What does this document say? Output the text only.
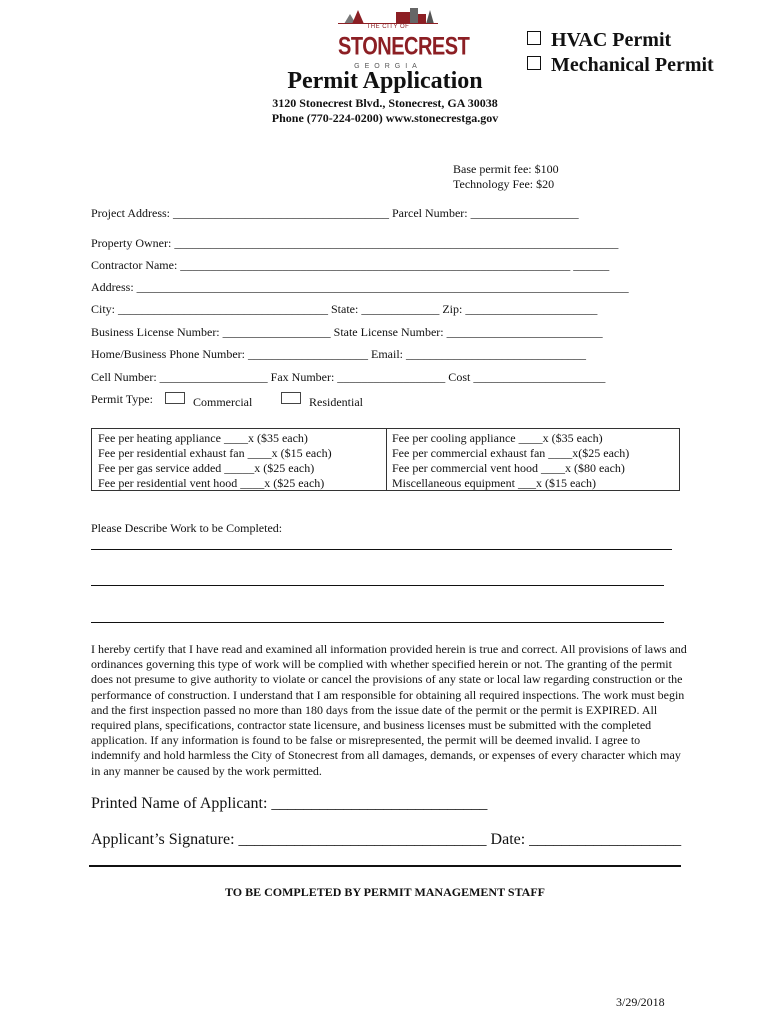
THE CITY OF
STONECREST
GEORGIA
HVAC Permit
Mechanical Permit
Permit Application
3120 Stonecrest Blvd., Stonecrest, GA 30038
Phone (770-224-0200) www.stonecrestga.gov
Base permit fee: $100
Technology Fee: $20
Project Address: ____________________________________ Parcel Number: __________________
Property Owner: __________________________________________________________________________
Contractor Name: _________________________________________________________________ ______
Address: __________________________________________________________________________________
City: ___________________________________ State: _____________ Zip: ______________________
Business License Number: __________________ State License Number: __________________________
Home/Business Phone Number: ____________________ Email: ______________________________
Cell Number: __________________ Fax Number: __________________ Cost ______________________
Permit Type:	Commercial	Residential
Fee per heating appliance ____x ($35 each)
Fee per residential exhaust fan ____x ($15 each)
Fee per gas service added _____x ($25 each)
Fee per residential vent hood ____x ($25 each)
Fee per cooling appliance ____x ($35 each)
Fee per commercial exhaust fan ____x($25 each)
Fee per commercial vent hood ____x ($80 each)
Miscellaneous equipment ___x ($15 each)
Please Describe Work to be Completed:
I hereby certify that I have read and examined all information provided herein is true and correct. All provisions of laws and ordinances governing this type of work will be complied with whether specified herein or not. The granting of the permit does not presume to give authority to violate or cancel the provisions of any state or local law regarding construction or the performance of construction. I understand that I am responsible for obtaining all required inspections. The work must begin and the first inspection passed no more than 180 days from the issue date of the permit or the permit is EXPIRED. All required plans, specifications, contractor state licensure, and business licenses must be submitted with the completed application. If any information is found to be false or misrepresented, the permit will be deemed invalid. I agree to indemnify and hold harmless the City of Stonecrest from all damages, demands, or expenses of every character which may in any manner be caused by the work permitted.
Printed Name of Applicant: ___________________________
Applicant’s Signature: _______________________________ Date: ___________________
TO BE COMPLETED BY PERMIT MANAGEMENT STAFF
3/29/2018
